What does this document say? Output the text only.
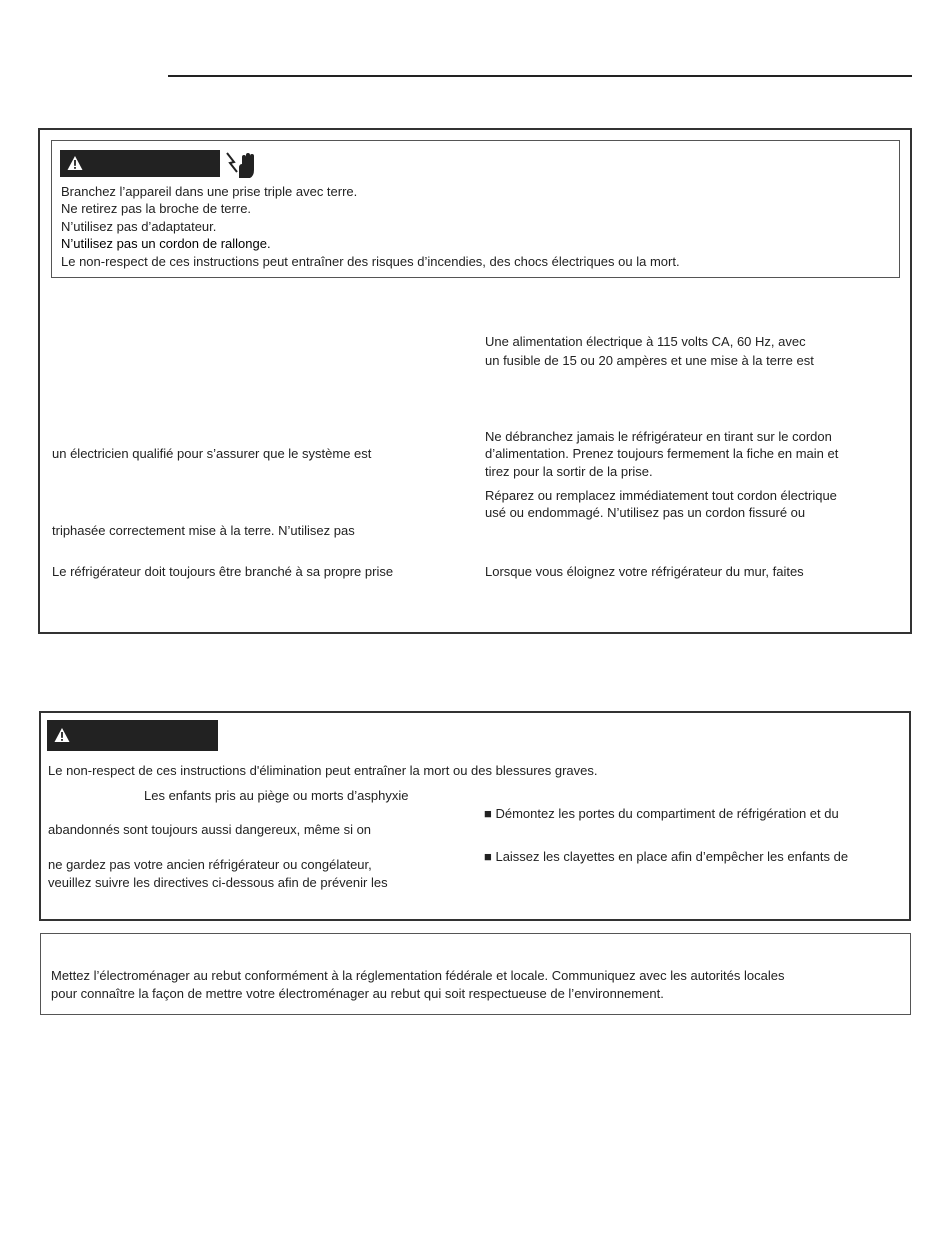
Branchez l’appareil dans une prise triple avec terre.
Ne retirez pas la broche de terre.
N’utilisez pas d’adaptateur.
N’utilisez pas un cordon de rallonge.
Le non-respect de ces instructions peut entraîner des risques d’incendies, des chocs électriques ou la mort.
un électricien qualifié pour s’assurer que le système est
triphasée correctement mise à la terre. N’utilisez pas
Le réfrigérateur doit toujours être branché à sa propre prise
Une alimentation électrique à 115 volts CA, 60 Hz, avec
un fusible de 15 ou 20 ampères et une mise à la terre est
Ne débranchez jamais le réfrigérateur en tirant sur le cordon
d’alimentation. Prenez toujours fermement la fiche en main et
tirez pour la sortir de la prise.
Réparez ou remplacez immédiatement tout cordon électrique
usé ou endommagé. N’utilisez pas un cordon fissuré ou
Lorsque vous éloignez votre réfrigérateur du mur, faites
Le non-respect de ces instructions d'élimination peut entraîner la mort ou des blessures graves.
Les enfants pris au piège ou morts d’asphyxie
abandonnés sont toujours aussi dangereux, même si on
ne gardez pas votre ancien réfrigérateur ou congélateur,
veuillez suivre les directives ci-dessous afin de prévenir les
■ Démontez les portes du compartiment de réfrigération et du
■ Laissez les clayettes en place afin d’empêcher les enfants de
Mettez l’électroménager au rebut conformément à la réglementation fédérale et locale. Communiquez avec les autorités locales
pour connaître la façon de mettre votre électroménager au rebut qui soit respectueuse de l’environnement.
